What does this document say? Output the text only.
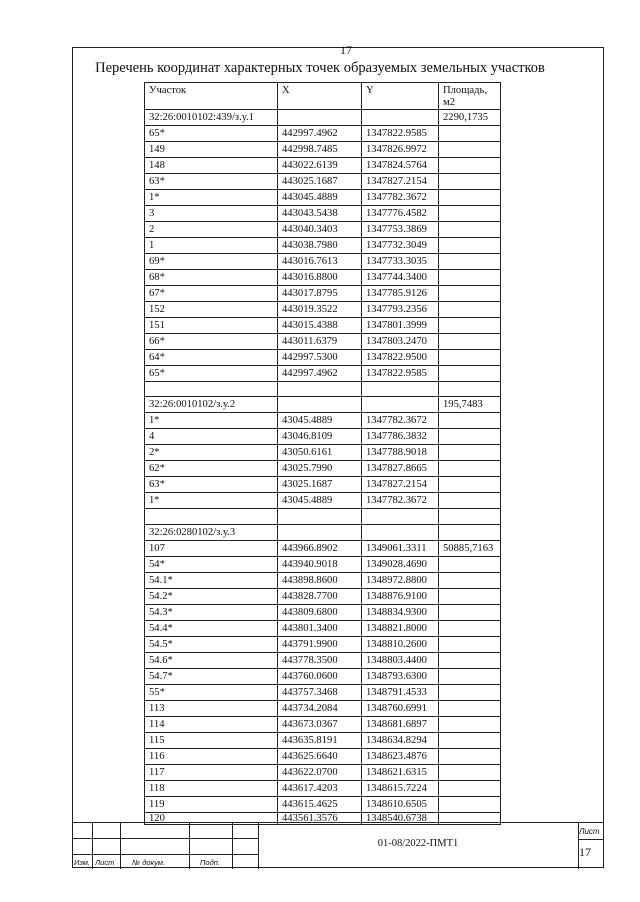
17
Перечень координат характерных точек образуемых земельных участков
Участок	X	Y	Площадь, м2
32:26:0010102:439/з.у.1			2290,1735
65*	442997.4962	1347822.9585	
149	442998.7485	1347826.9972	
148	443022.6139	1347824.5764	
63*	443025.1687	1347827.2154	
1*	443045.4889	1347782.3672	
3	443043.5438	1347776.4582	
2	443040.3403	1347753.3869	
1	443038.7980	1347732.3049	
69*	443016.7613	1347733.3035	
68*	443016.8800	1347744.3400	
67*	443017.8795	1347785.9126	
152	443019.3522	1347793.2356	
151	443015.4388	1347801.3999	
66*	443011.6379	1347803.2470	
64*	442997.5300	1347822.9500	
65*	442997.4962	1347822.9585	

32:26:0010102/з.у.2			195,7483
1*	43045.4889	1347782.3672	
4	43046.8109	1347786.3832	
2*	43050.6161	1347788.9018	
62*	43025.7990	1347827.8665	
63*	43025.1687	1347827.2154	
1*	43045.4889	1347782.3672	

32:26:0280102/з.у.3			
107	443966.8902	1349061.3311	50885,7163
54*	443940.9018	1349028.4690	
54.1*	443898.8600	1348972.8800	
54.2*	443828.7700	1348876.9100	
54.3*	443809.6800	1348834.9300	
54.4*	443801.3400	1348821.8000	
54.5*	443791.9900	1348810.2600	
54.6*	443778.3500	1348803.4400	
54.7*	443760.0600	1348793.6300	
55*	443757.3468	1348791.4533	
113	443734.2084	1348760.6991	
114	443673.0367	1348681.6897	
115	443635.8191	1348634.8294	
116	443625.6640	1348623.4876	
117	443622.0700	1348621.6315	
118	443617.4203	1348615.7224	
119	443615.4625	1348610.6505	
120	443561.3576	1348540.6738	
Изм. Лист № докум.	Подп.
01-08/2022-ПМТ1
Лист
17
